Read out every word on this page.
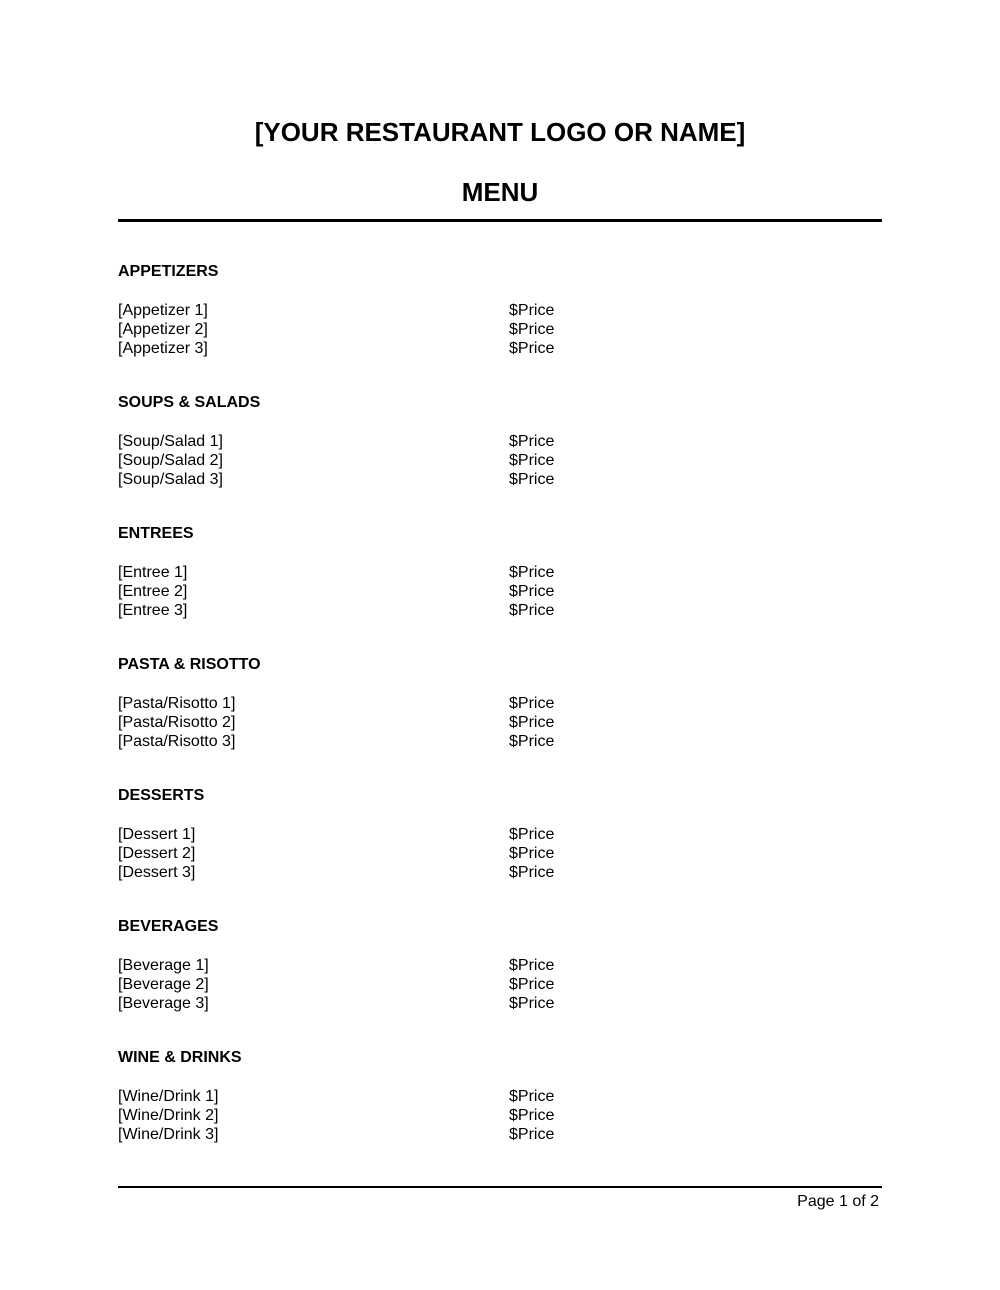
[YOUR RESTAURANT LOGO OR NAME]
MENU
APPETIZERS
[Appetizer 1]	$Price
[Appetizer 2]	$Price
[Appetizer 3]	$Price
SOUPS & SALADS
[Soup/Salad 1]	$Price
[Soup/Salad 2]	$Price
[Soup/Salad 3]	$Price
ENTREES
[Entree 1]	$Price
[Entree 2]	$Price
[Entree 3]	$Price
PASTA & RISOTTO
[Pasta/Risotto 1]	$Price
[Pasta/Risotto 2]	$Price
[Pasta/Risotto 3]	$Price
DESSERTS
[Dessert 1]	$Price
[Dessert 2]	$Price
[Dessert 3]	$Price
BEVERAGES
[Beverage 1]	$Price
[Beverage 2]	$Price
[Beverage 3]	$Price
WINE & DRINKS
[Wine/Drink 1]	$Price
[Wine/Drink 2]	$Price
[Wine/Drink 3]	$Price
Page 1 of 2
